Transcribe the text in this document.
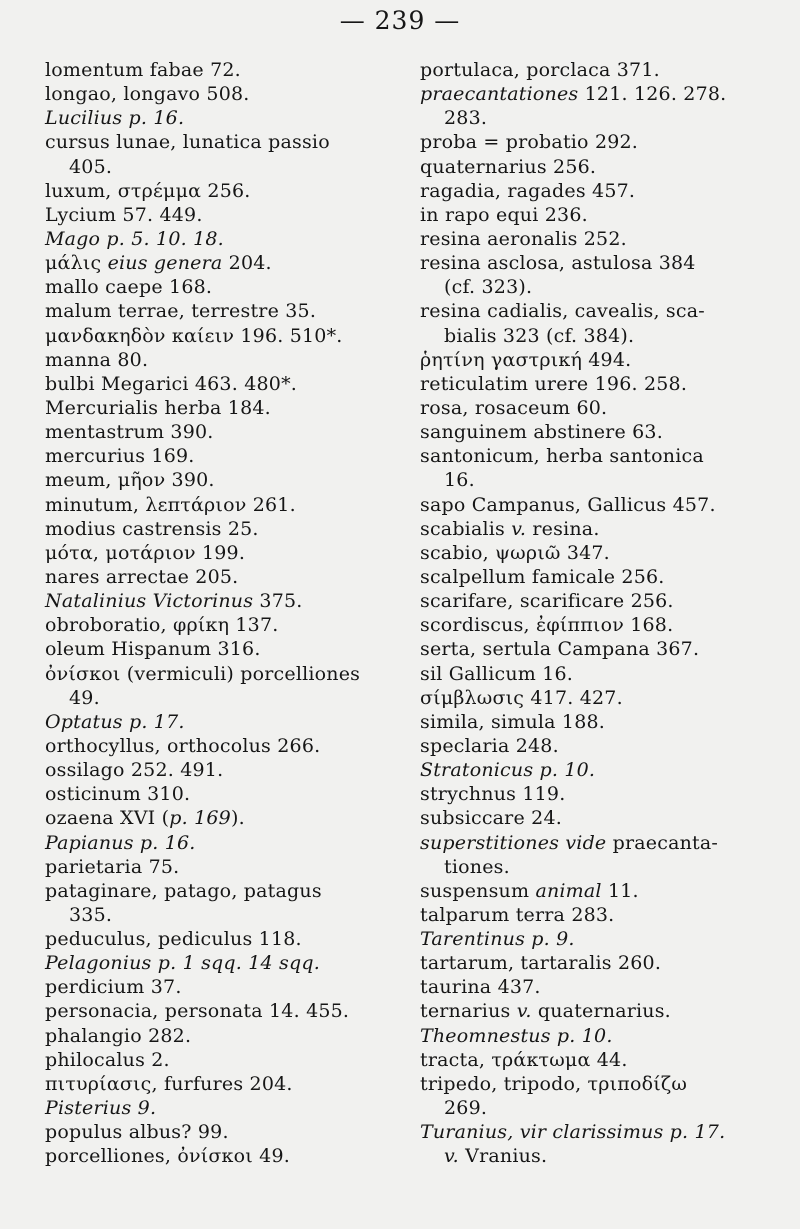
— 239 —
lomentum fabae 72.
longao, longavo 508.
Lucilius p. 16.
cursus lunae, lunatica passio
405.
luxum, στρέμμα 256.
Lycium 57. 449.
Mago p. 5. 10. 18.
μάλις eius genera 204.
mallo caepe 168.
malum terrae, terrestre 35.
μανδακηδὸν καίειν 196. 510*.
manna 80.
bulbi Megarici 463. 480*.
Mercurialis herba 184.
mentastrum 390.
mercurius 169.
meum, μῆον 390.
minutum, λεπτάριον 261.
modius castrensis 25.
μότα, μοτάριον 199.
nares arrectae 205.
Natalinius Victorinus 375.
obroboratio, φρίκη 137.
oleum Hispanum 316.
ὀνίσκοι (vermiculi) porcelliones
49.
Optatus p. 17.
orthocyllus, orthocolus 266.
ossilago 252. 491.
osticinum 310.
ozaena XVI (p. 169).
Papianus p. 16.
parietaria 75.
pataginare, patago, patagus
335.
peduculus, pediculus 118.
Pelagonius p. 1 sqq. 14 sqq.
perdicium 37.
personacia, personata 14. 455.
phalangio 282.
philocalus 2.
πιτυρίασις, furfures 204.
Pisterius 9.
populus albus? 99.
porcelliones, ὀνίσκοι 49.
portulaca, porclaca 371.
praecantationes 121. 126. 278.
283.
proba = probatio 292.
quaternarius 256.
ragadia, ragades 457.
in rapo equi 236.
resina aeronalis 252.
resina asclosa, astulosa 384
(cf. 323).
resina cadialis, cavealis, sca-
bialis 323 (cf. 384).
ῥητίνη γαστρική 494.
reticulatim urere 196. 258.
rosa, rosaceum 60.
sanguinem abstinere 63.
santonicum, herba santonica
16.
sapo Campanus, Gallicus 457.
scabialis v. resina.
scabio, ψωριῶ 347.
scalpellum famicale 256.
scarifare, scarificare 256.
scordiscus, ἐφίππιον 168.
serta, sertula Campana 367.
sil Gallicum 16.
σίμβλωσις 417. 427.
simila, simula 188.
speclaria 248.
Stratonicus p. 10.
strychnus 119.
subsiccare 24.
superstitiones vide praecanta-
tiones.
suspensum animal 11.
talparum terra 283.
Tarentinus p. 9.
tartarum, tartaralis 260.
taurina 437.
ternarius v. quaternarius.
Theomnestus p. 10.
tracta, τράκτωμα 44.
tripedo, tripodo, τριποδίζω
269.
Turanius, vir clarissimus p. 17.
v. Vranius.
